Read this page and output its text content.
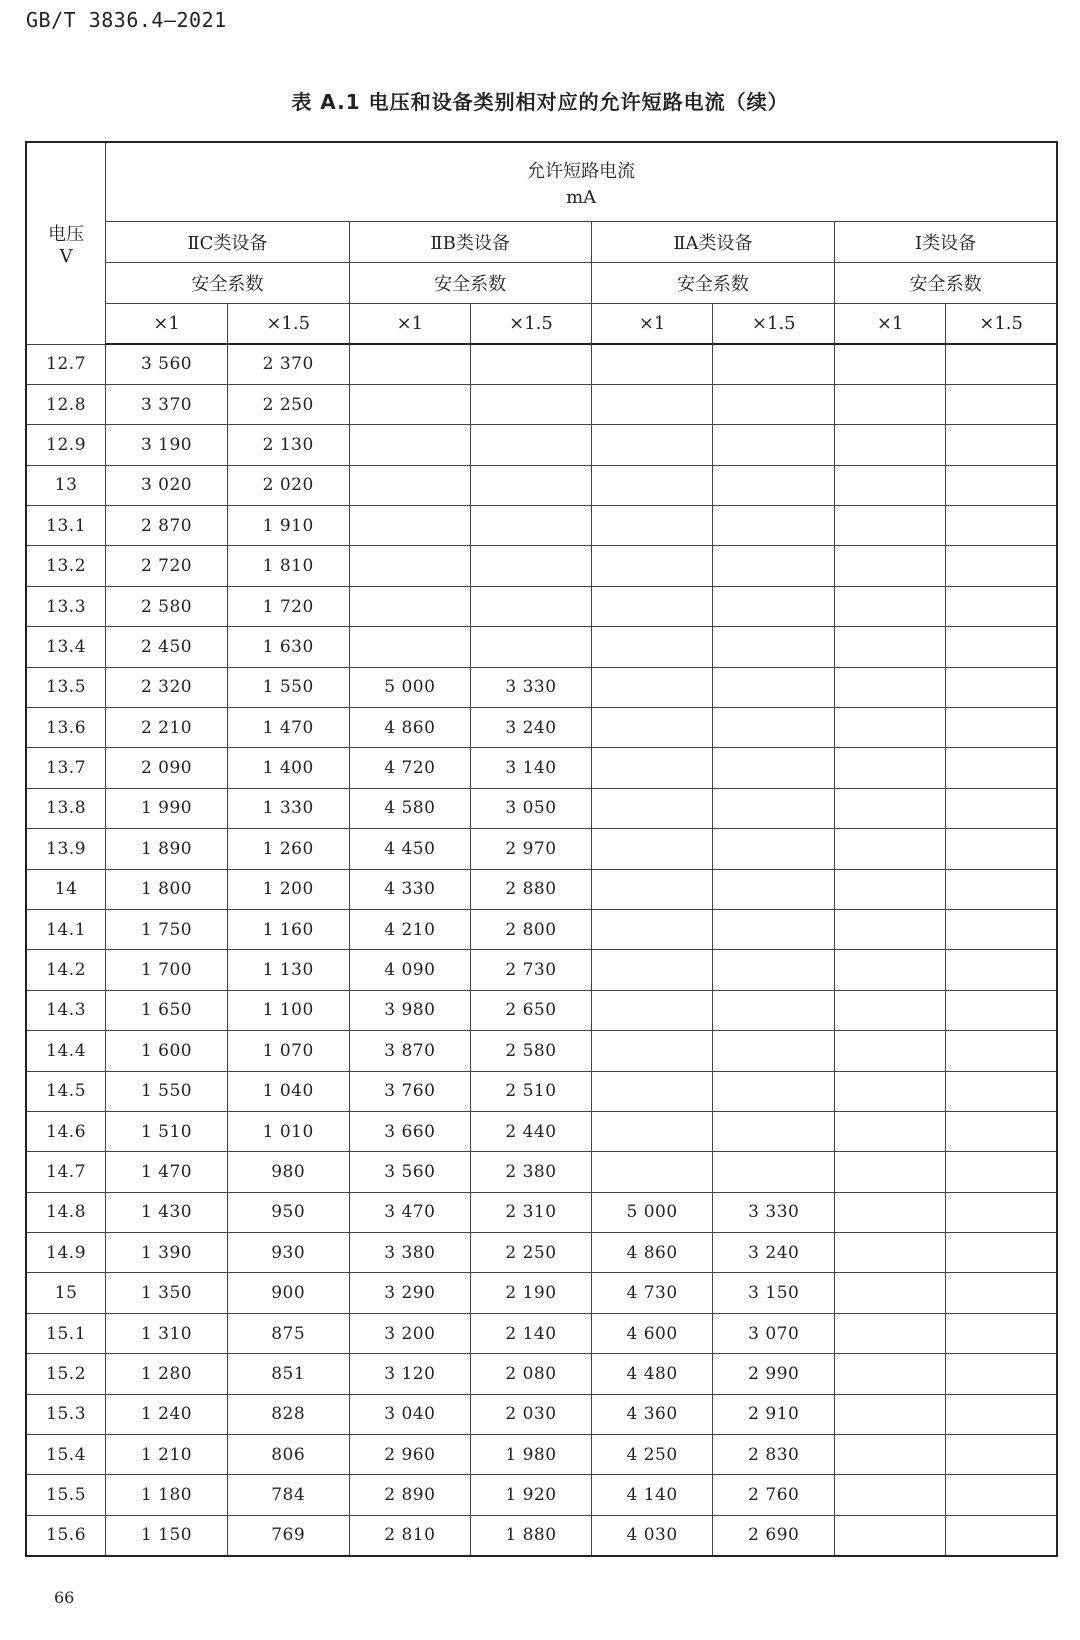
GB/T 3836.4—2021
表 A.1 电压和设备类别相对应的允许短路电流（续）
电压
V	允许短路电流
mA							

	ⅡC类设备		ⅡB类设备		ⅡA类设备		Ⅰ类设备	
	安全系数		安全系数		安全系数		安全系数	
	×1	×1.5	×1	×1.5	×1	×1.5	×1	×1.5
12.7	3 560	2 370						
12.8	3 370	2 250						
12.9	3 190	2 130						
13	3 020	2 020						
13.1	2 870	1 910						
13.2	2 720	1 810						
13.3	2 580	1 720						
13.4	2 450	1 630						
13.5	2 320	1 550	5 000	3 330				
13.6	2 210	1 470	4 860	3 240				
13.7	2 090	1 400	4 720	3 140				
13.8	1 990	1 330	4 580	3 050				
13.9	1 890	1 260	4 450	2 970				
14	1 800	1 200	4 330	2 880				
14.1	1 750	1 160	4 210	2 800				
14.2	1 700	1 130	4 090	2 730				
14.3	1 650	1 100	3 980	2 650				
14.4	1 600	1 070	3 870	2 580				
14.5	1 550	1 040	3 760	2 510				
14.6	1 510	1 010	3 660	2 440				
14.7	1 470	980	3 560	2 380				
14.8	1 430	950	3 470	2 310	5 000	3 330		
14.9	1 390	930	3 380	2 250	4 860	3 240		
15	1 350	900	3 290	2 190	4 730	3 150		
15.1	1 310	875	3 200	2 140	4 600	3 070		
15.2	1 280	851	3 120	2 080	4 480	2 990		
15.3	1 240	828	3 040	2 030	4 360	2 910		
15.4	1 210	806	2 960	1 980	4 250	2 830		
15.5	1 180	784	2 890	1 920	4 140	2 760		
15.6	1 150	769	2 810	1 880	4 030	2 690		
66
